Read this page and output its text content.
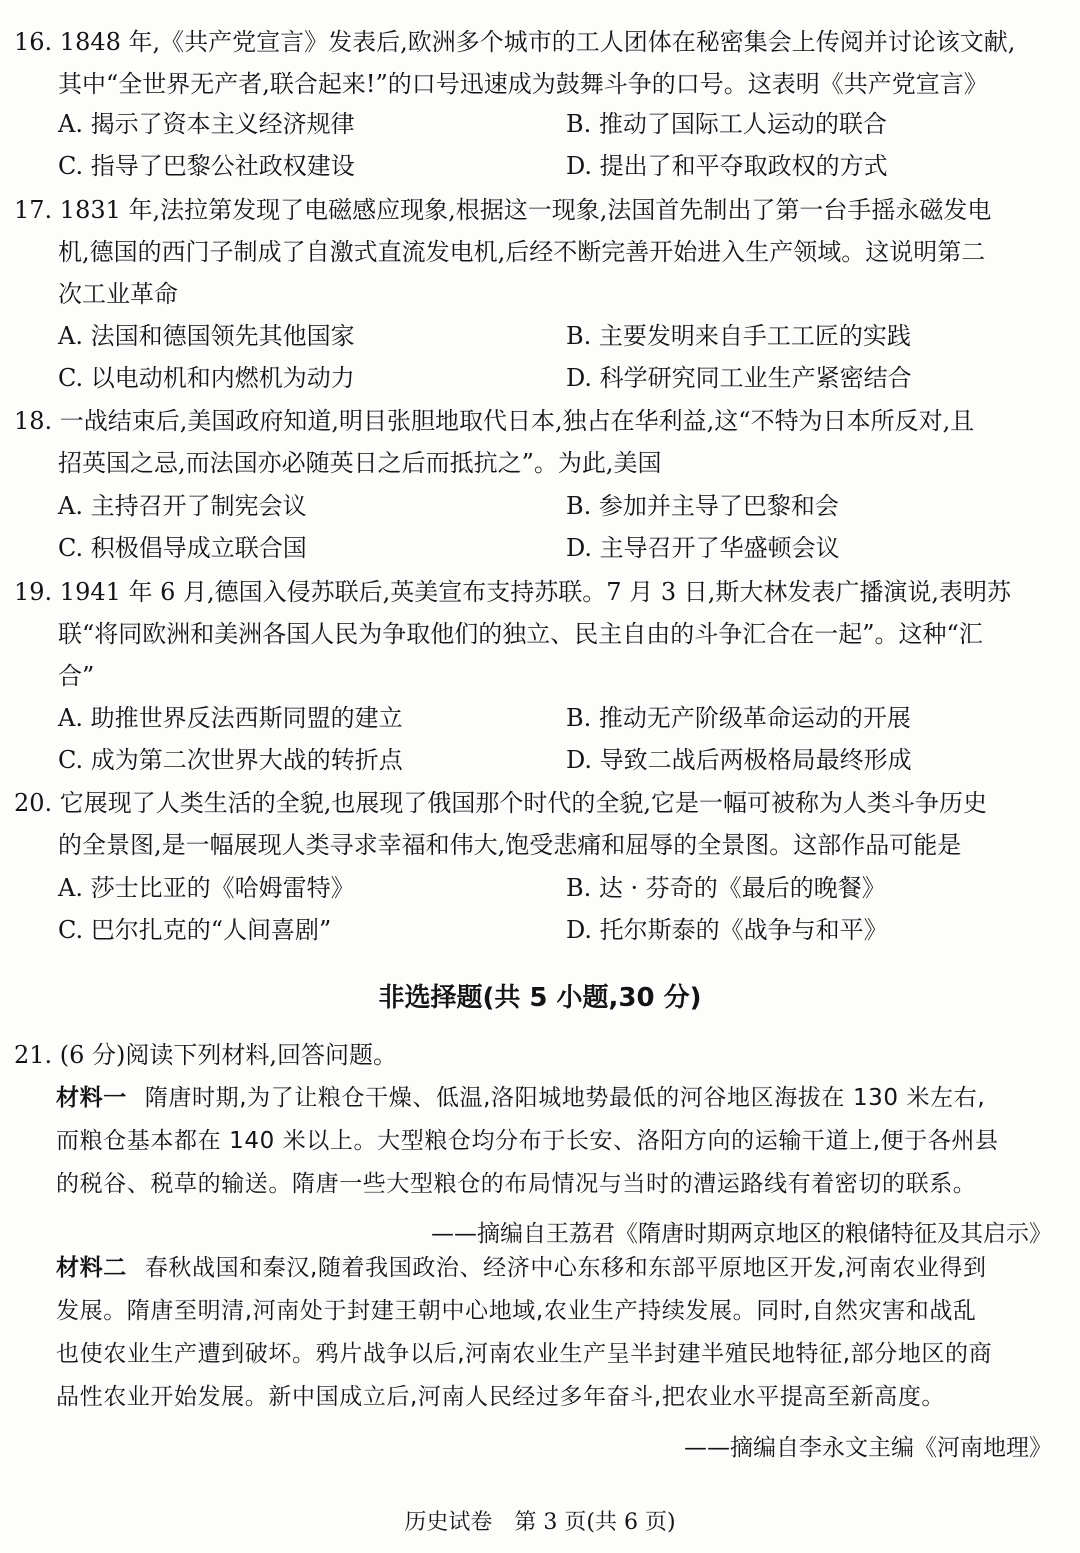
16. 1848 年,《共产党宣言》发表后,欧洲多个城市的工人团体在秘密集会上传阅并讨论该文献,
其中“全世界无产者,联合起来!”的口号迅速成为鼓舞斗争的口号。这表明《共产党宣言》
A. 揭示了资本主义经济规律	B. 推动了国际工人运动的联合
C. 指导了巴黎公社政权建设	D. 提出了和平夺取政权的方式
17. 1831 年,法拉第发现了电磁感应现象,根据这一现象,法国首先制出了第一台手摇永磁发电
机,德国的西门子制成了自激式直流发电机,后经不断完善开始进入生产领域。这说明第二
次工业革命
A. 法国和德国领先其他国家	B. 主要发明来自手工工匠的实践
C. 以电动机和内燃机为动力	D. 科学研究同工业生产紧密结合
18. 一战结束后,美国政府知道,明目张胆地取代日本,独占在华利益,这“不特为日本所反对,且
招英国之忌,而法国亦必随英日之后而抵抗之”。为此,美国
A. 主持召开了制宪会议	B. 参加并主导了巴黎和会
C. 积极倡导成立联合国	D. 主导召开了华盛顿会议
19. 1941 年 6 月,德国入侵苏联后,英美宣布支持苏联。7 月 3 日,斯大林发表广播演说,表明苏
联“将同欧洲和美洲各国人民为争取他们的独立、民主自由的斗争汇合在一起”。这种“汇
合”
A. 助推世界反法西斯同盟的建立	B. 推动无产阶级革命运动的开展
C. 成为第二次世界大战的转折点	D. 导致二战后两极格局最终形成
20. 它展现了人类生活的全貌,也展现了俄国那个时代的全貌,它是一幅可被称为人类斗争历史
的全景图,是一幅展现人类寻求幸福和伟大,饱受悲痛和屈辱的全景图。这部作品可能是
A. 莎士比亚的《哈姆雷特》	B. 达 · 芬奇的《最后的晚餐》
C. 巴尔扎克的“人间喜剧”	D. 托尔斯泰的《战争与和平》
非选择题(共 5 小题,30 分)
21. (6 分)阅读下列材料,回答问题。
材料一 隋唐时期,为了让粮仓干燥、低温,洛阳城地势最低的河谷地区海拔在 130 米左右,
而粮仓基本都在 140 米以上。大型粮仓均分布于长安、洛阳方向的运输干道上,便于各州县
的税谷、税草的输送。隋唐一些大型粮仓的布局情况与当时的漕运路线有着密切的联系。
——摘编自王荔君《隋唐时期两京地区的粮储特征及其启示》
材料二 春秋战国和秦汉,随着我国政治、经济中心东移和东部平原地区开发,河南农业得到
发展。隋唐至明清,河南处于封建王朝中心地域,农业生产持续发展。同时,自然灾害和战乱
也使农业生产遭到破坏。鸦片战争以后,河南农业生产呈半封建半殖民地特征,部分地区的商
品性农业开始发展。新中国成立后,河南人民经过多年奋斗,把农业水平提高至新高度。
——摘编自李永文主编《河南地理》
历史试卷　第 3 页(共 6 页)
